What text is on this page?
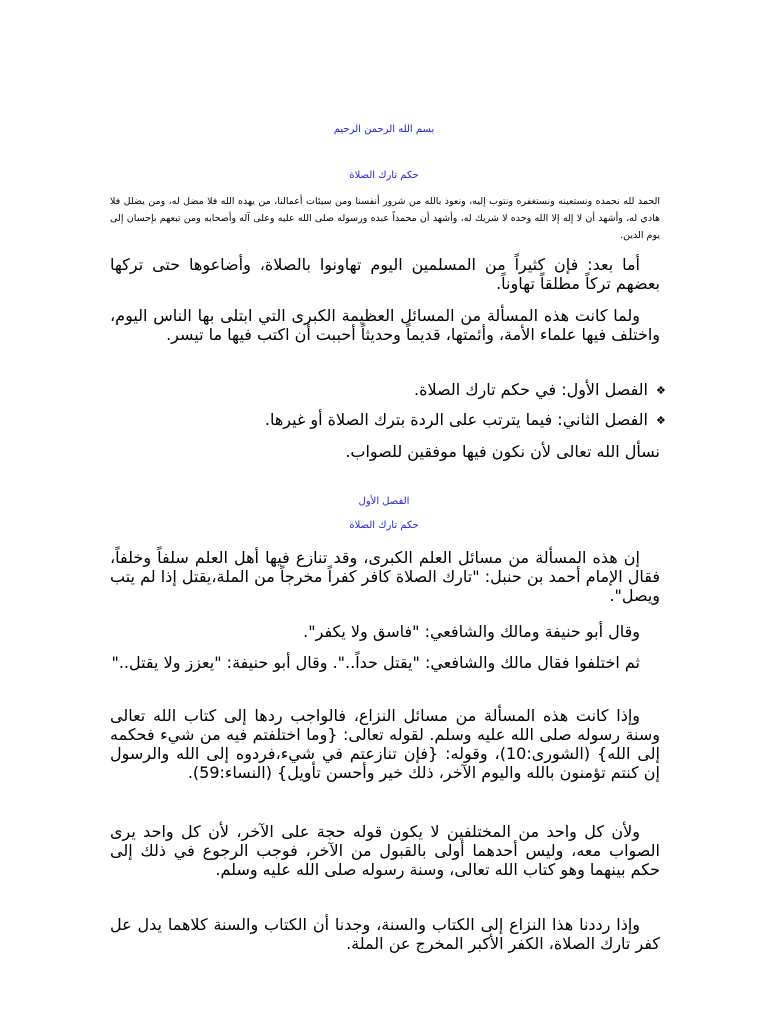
بسم الله الرحمن الرحيم
حكم تارك الصلاة
الحمد لله نحمده ونستعينه ونستغفره ونتوب إليه، ونعوذ بالله من شرور أنفسنا ومن سيئات أعمالنا، من يهده الله فلا مضل له، ومن يضلل فلا هادي له، وأشهد أن لا إله إلا الله وحده لا شريك له، وأشهد أن محمداً عبده ورسوله صلى الله عليه وعلى آله وأصحابه ومن تبعهم بإحسان إلى يوم الدين.
أما بعد: فإن كثيراً من المسلمين اليوم تهاونوا بالصلاة، وأضاعوها حتى تركها بعضهم تركاً مطلقاً تهاوناً.
ولما كانت هذه المسألة من المسائل العظيمة الكبرى التي ابتلى بها الناس اليوم، واختلف فيها علماء الأمة، وأئمتها، قديماً وحديثاً أحببت أن اكتب فيها ما تيسر.
الفصل الأول: في حكم تارك الصلاة. ❖
الفصل الثاني: فيما يترتب على الردة بترك الصلاة أو غيرها. ❖
نسأل الله تعالى لأن نكون فيها موفقين للصواب.
الفصل الأول
حكم تارك الصلاة
إن هذه المسألة من مسائل العلم الكبرى، وقد تنازع فيها أهل العلم سلفاً وخلفاً، فقال الإمام أحمد بن حنبل: "تارك الصلاة كافر كفراً مخرجاً من الملة،يقتل إذا لم يتب ويصل".
وقال أبو حنيفة ومالك والشافعي: "فاسق ولا يكفر".
ثم اختلفوا فقال مالك والشافعي: "يقتل حداً..". وقال أبو حنيفة: "يعزز ولا يقتل.."
وإذا كانت هذه المسألة من مسائل النزاع، فالواجب ردها إلى كتاب الله تعالى وسنة رسوله صلى الله عليه وسلم. لقوله تعالى: {وما اختلفتم فيه من شيء فحكمه إلى الله} (الشورى:10)، وقوله: {فإن تنازعتم في شيء،فردوه إلى الله والرسول إن كنتم تؤمنون بالله واليوم الآخر، ذلك خير وأحسن تأويل} (النساء:59).
ولأن كل واحد من المختلفين لا يكون قوله حجة على الآخر، لأن كل واحد يرى الصواب معه، وليس أحدهما أولى بالقبول من الآخر، فوجب الرجوع في ذلك إلى حكم بينهما وهو كتاب الله تعالى، وسنة رسوله صلى الله عليه وسلم.
وإذا رددنا هذا النزاع إلى الكتاب والسنة، وجدنا أن الكتاب والسنة كلاهما يدل عل كفر تارك الصلاة، الكفر الأكبر المخرج عن الملة.
